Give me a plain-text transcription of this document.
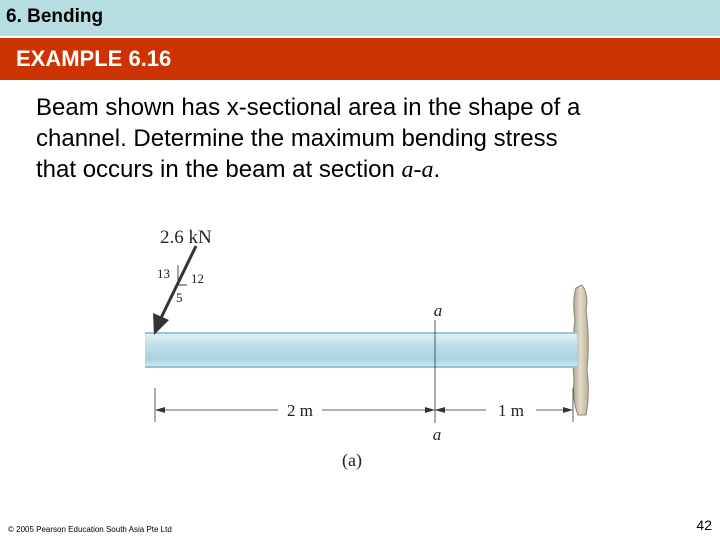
6. Bending
EXAMPLE 6.16
Beam shown has x-sectional area in the shape of a
channel. Determine the maximum bending stress
that occurs in the beam at section a-a.
a
a
2 m	1 m
2.6 kN
13 12
5
(a)
© 2005 Pearson Education South Asia Pte Ltd	42
